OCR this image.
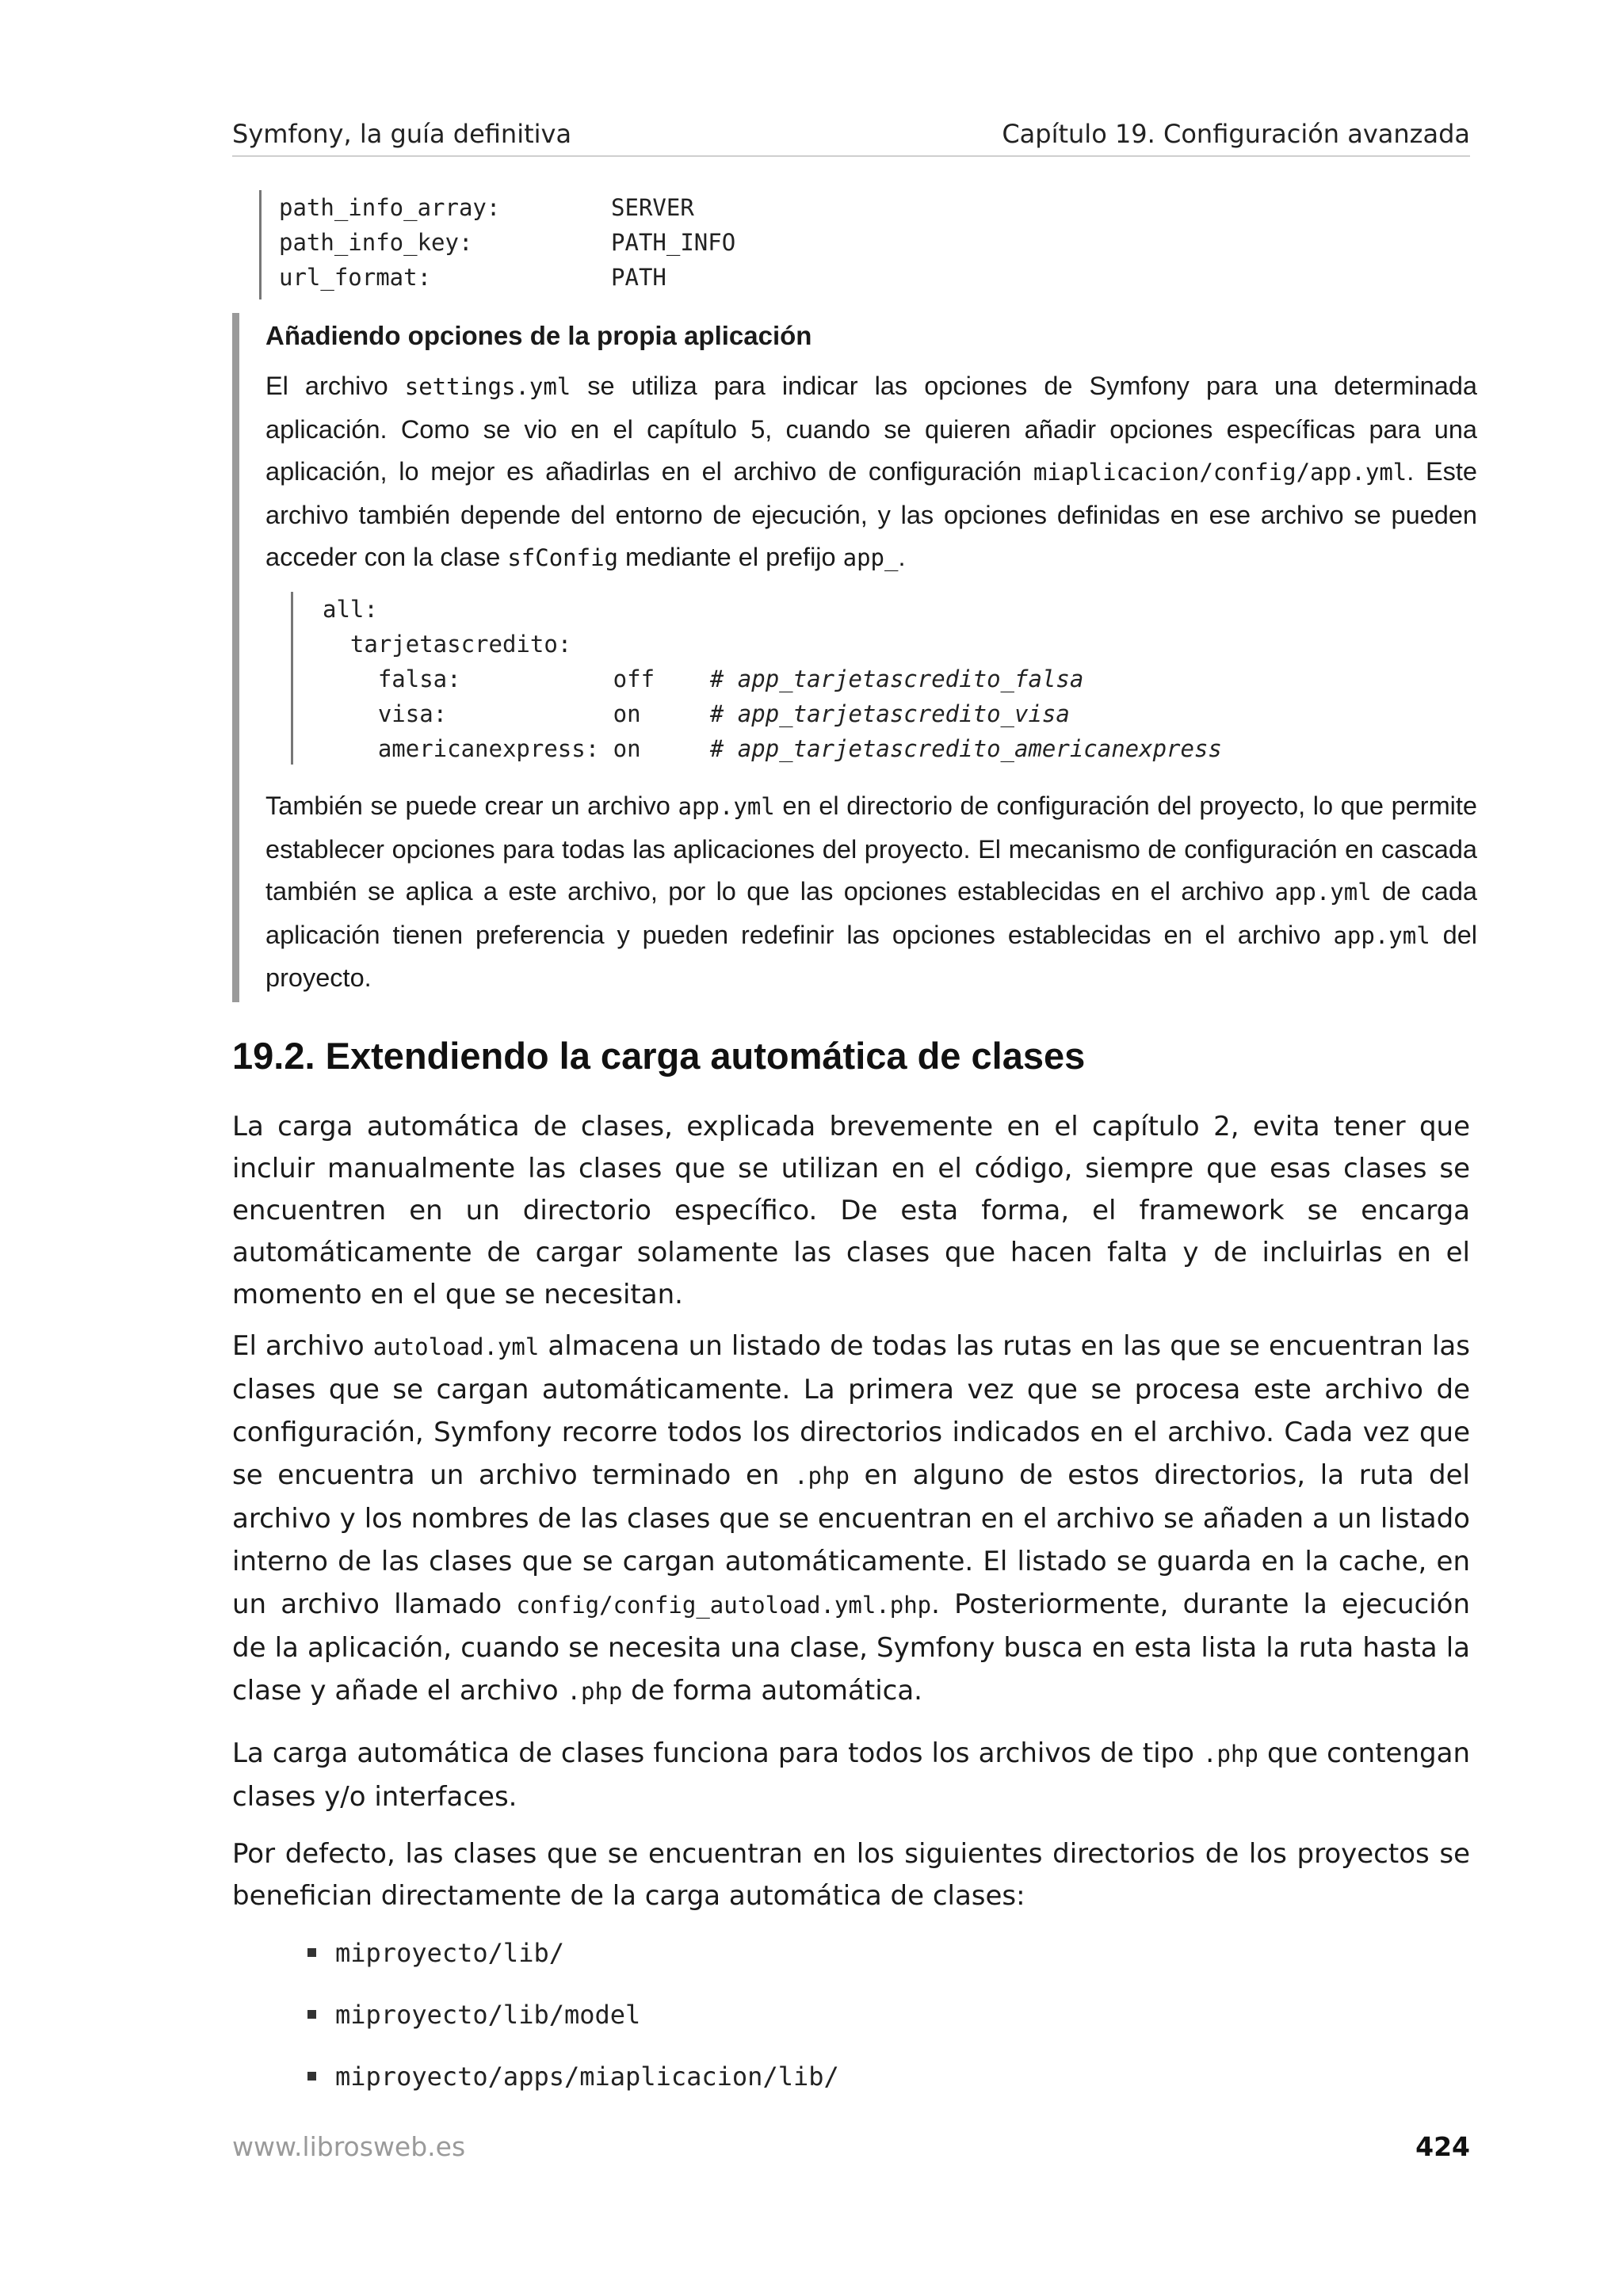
Symfony, la guía definitiva	Capítulo 19. Configuración avanzada
path_info_array:        SERVER
path_info_key:          PATH_INFO
url_format:             PATH
Añadiendo opciones de la propia aplicación

El archivo settings.yml se utiliza para indicar las opciones de Symfony para una determinada aplicación. Como se vio en el capítulo 5, cuando se quieren añadir opciones específicas para una aplicación, lo mejor es añadirlas en el archivo de configuración miaplicacion/config/app.yml. Este archivo también depende del entorno de ejecución, y las opciones definidas en ese archivo se pueden acceder con la clase sfConfig mediante el prefijo app_.

all:
tarjetascredito:
falsa:           off    # app_tarjetascredito_falsa
visa:            on     # app_tarjetascredito_visa
americanexpress: on     # app_tarjetascredito_americanexpress

También se puede crear un archivo app.yml en el directorio de configuración del proyecto, lo que permite establecer opciones para todas las aplicaciones del proyecto. El mecanismo de configuración en cascada también se aplica a este archivo, por lo que las opciones establecidas en el archivo app.yml de cada aplicación tienen preferencia y pueden redefinir las opciones establecidas en el archivo app.yml del proyecto.

19.2. Extendiendo la carga automática de clases

La carga automática de clases, explicada brevemente en el capítulo 2, evita tener que incluir manualmente las clases que se utilizan en el código, siempre que esas clases se encuentren en un directorio específico. De esta forma, el framework se encarga automáticamente de cargar solamente las clases que hacen falta y de incluirlas en el momento en el que se necesitan.

El archivo autoload.yml almacena un listado de todas las rutas en las que se encuentran las clases que se cargan automáticamente. La primera vez que se procesa este archivo de configuración, Symfony recorre todos los directorios indicados en el archivo. Cada vez que se encuentra un archivo terminado en .php en alguno de estos directorios, la ruta del archivo y los nombres de las clases que se encuentran en el archivo se añaden a un listado interno de las clases que se cargan automáticamente. El listado se guarda en la cache, en un archivo llamado config/config_autoload.yml.php. Posteriormente, durante la ejecución de la aplicación, cuando se necesita una clase, Symfony busca en esta lista la ruta hasta la clase y añade el archivo .php de forma automática.

La carga automática de clases funciona para todos los archivos de tipo .php que contengan clases y/o interfaces.

Por defecto, las clases que se encuentran en los siguientes directorios de los proyectos se benefician directamente de la carga automática de clases:

miproyecto/lib/
miproyecto/lib/model
miproyecto/apps/miaplicacion/lib/
www.librosweb.es	424
